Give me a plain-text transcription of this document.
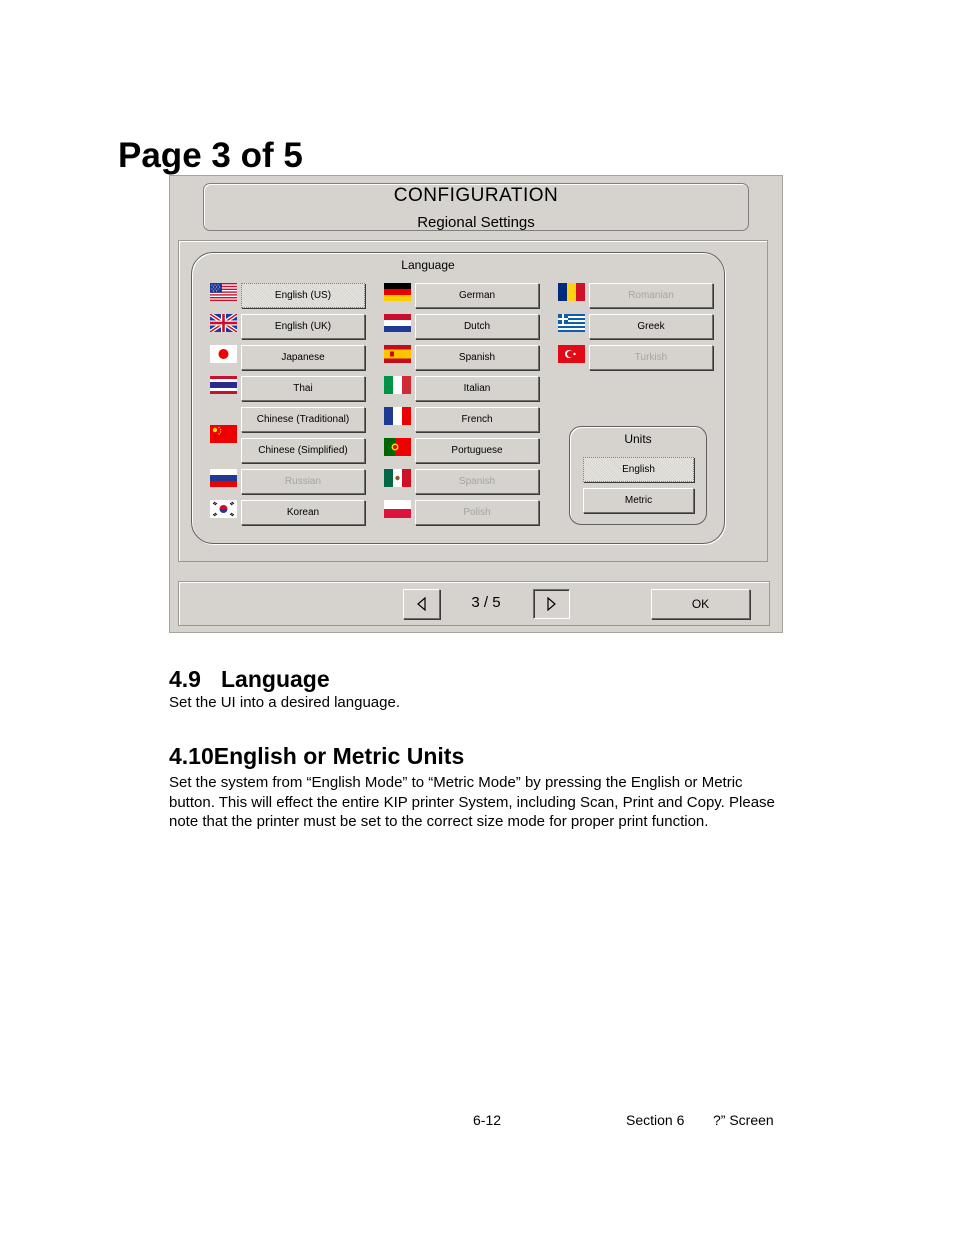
Page 3 of 5
CONFIGURATION
Regional Settings
Language
English (US)
English (UK)
Japanese
Thai
Chinese (Traditional)
Chinese (Simplified)
Russian
Korean
German
Dutch
Spanish
Italian
French
Portuguese
Spanish
Polish
Romanian
Greek
Turkish
Units
English
Metric
3 / 5	OK
4.9 Language
Set the UI into a desired language.
4.10English or Metric Units
Set the system from “English Mode” to “Metric Mode” by pressing the English or Metric button. This will effect the entire KIP printer System, including Scan, Print and Copy. Please note that the printer must be set to the correct size mode for proper print function.
6-12	Section 6 ?” Screen
